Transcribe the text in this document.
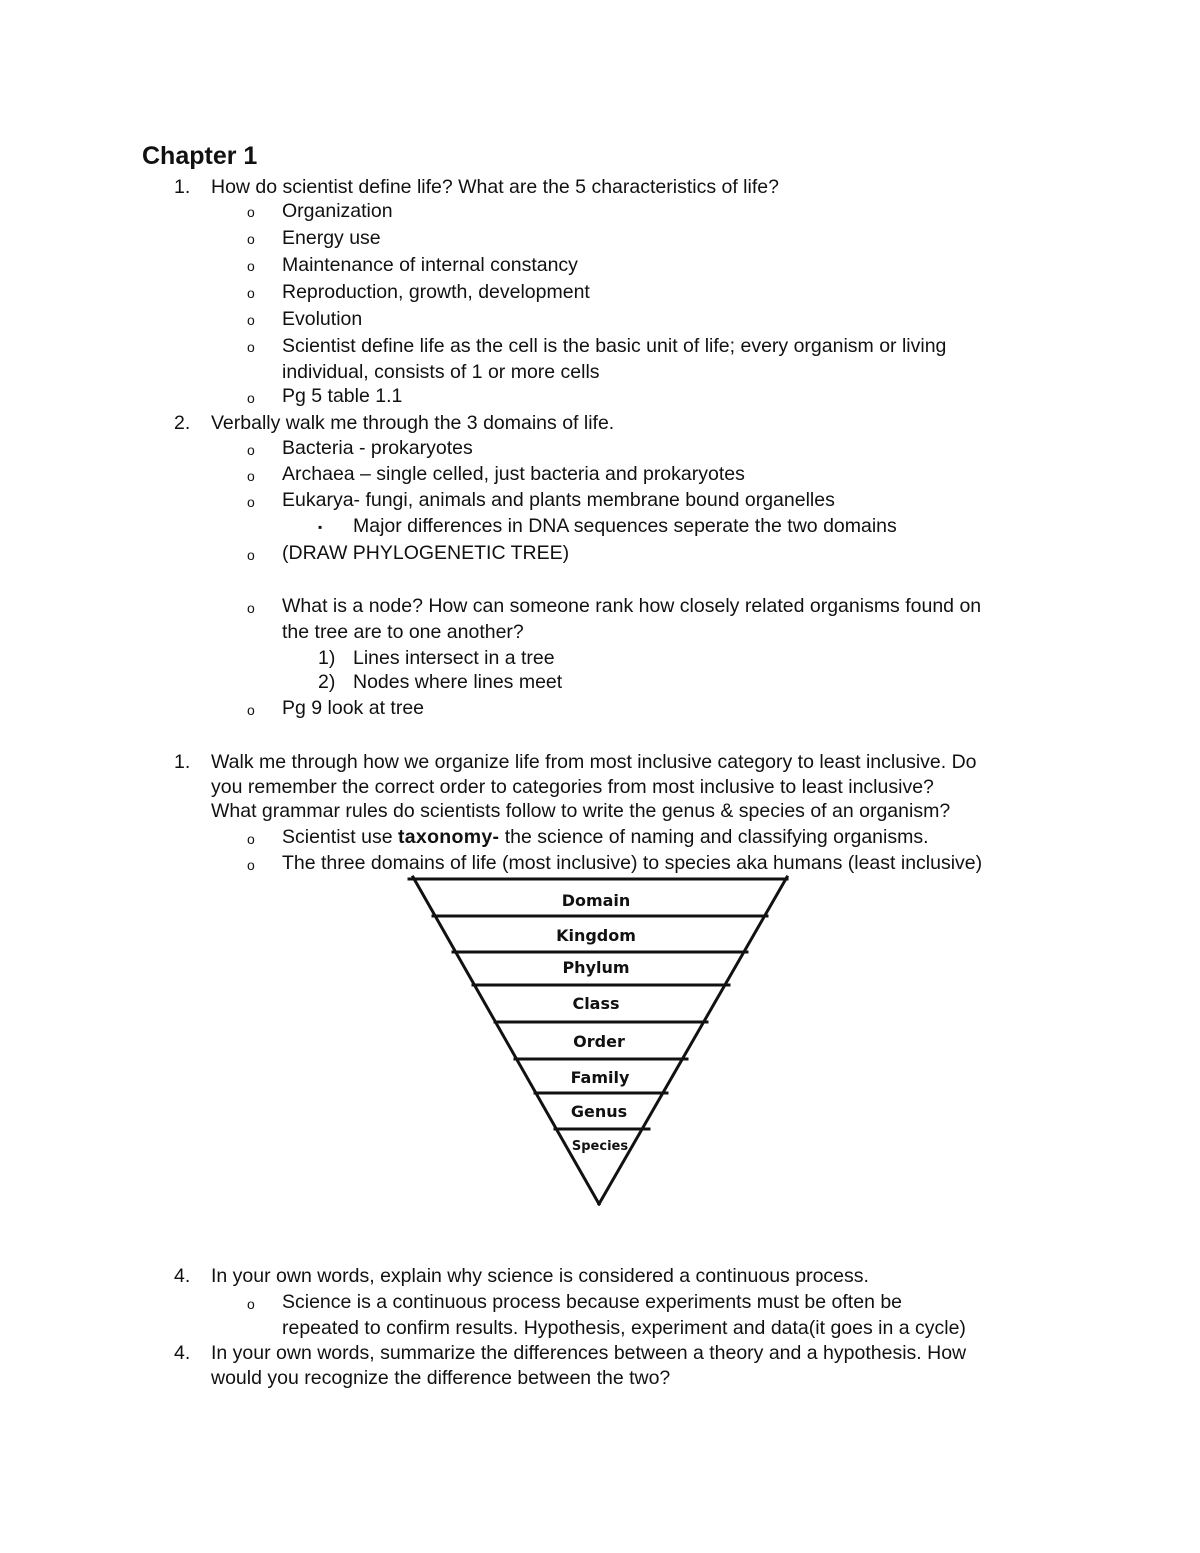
Chapter 1
1. How do scientist define life? What are the 5 characteristics of life?
o Organization
o Energy use
o Maintenance of internal constancy
o Reproduction, growth, development
o Evolution
o Scientist define life as the cell is the basic unit of life; every organism or living
individual, consists of 1 or more cells
o Pg 5 table 1.1
2. Verbally walk me through the 3 domains of life.
o Bacteria - prokaryotes
o Archaea – single celled, just bacteria and prokaryotes
o Eukarya- fungi, animals and plants membrane bound organelles
▪ Major differences in DNA sequences seperate the two domains
o (DRAW PHYLOGENETIC TREE)
o What is a node? How can someone rank how closely related organisms found on
the tree are to one another?
1) Lines intersect in a tree
2) Nodes where lines meet
o Pg 9 look at tree
1. Walk me through how we organize life from most inclusive category to least inclusive. Do
you remember the correct order to categories from most inclusive to least inclusive?
What grammar rules do scientists follow to write the genus & species of an organism?
o Scientist use taxonomy- the science of naming and classifying organisms.
o The three domains of life (most inclusive) to species aka humans (least inclusive)
Domain
Kingdom
Phylum
Class
Order
Family
Genus
Species
4. In your own words, explain why science is considered a continuous process.
o Science is a continuous process because experiments must be often be
repeated to confirm results. Hypothesis, experiment and data(it goes in a cycle)
4. In your own words, summarize the differences between a theory and a hypothesis. How
would you recognize the difference between the two?
